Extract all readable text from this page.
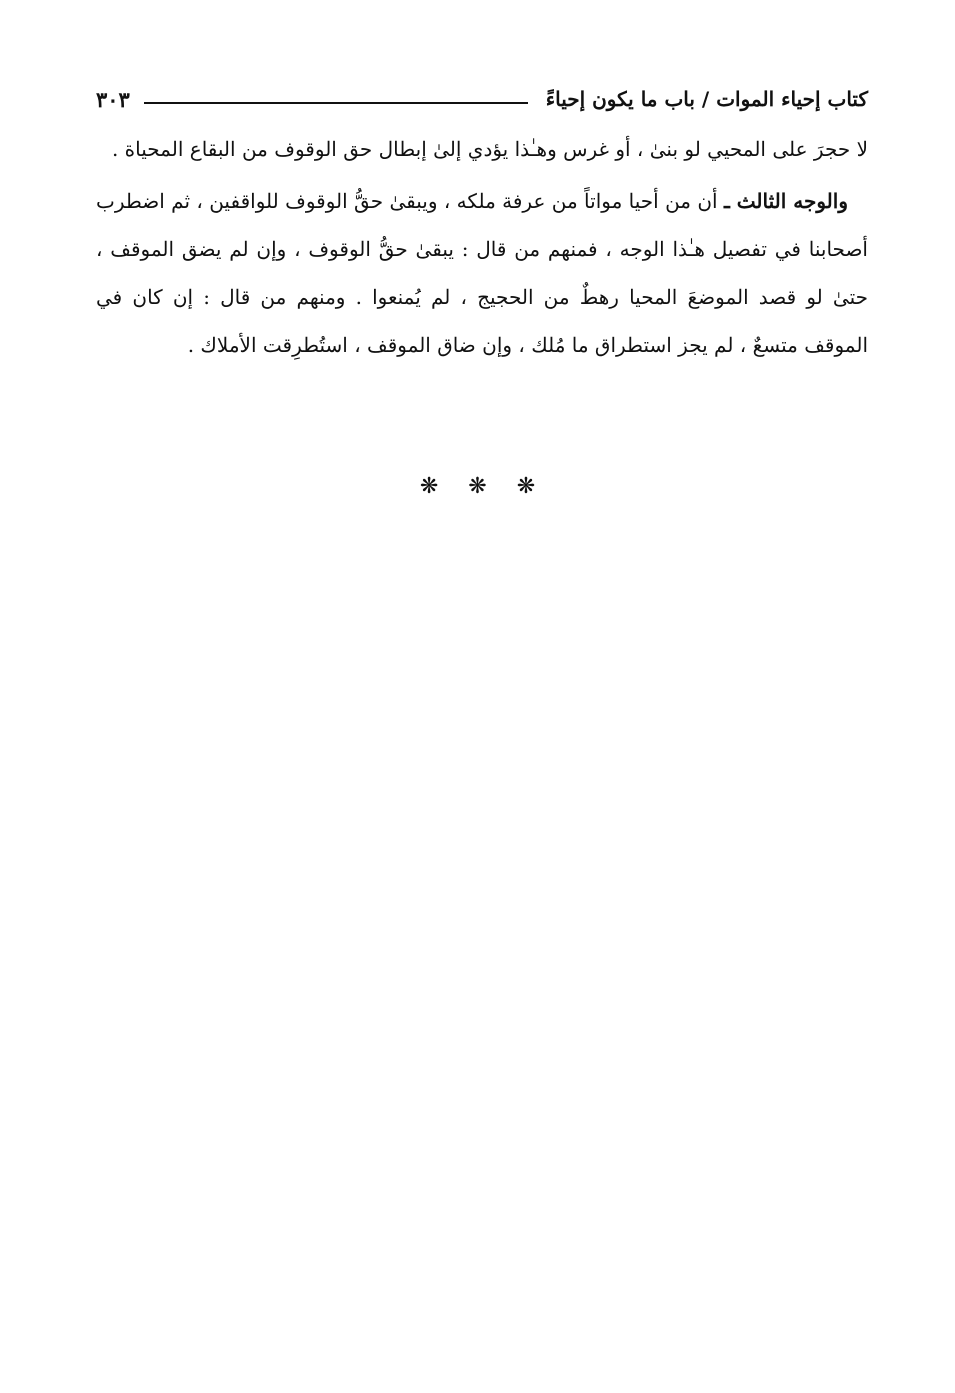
كتاب إحياء الموات / باب ما يكون إحياءً
٣٠٣

لا حجرَ على المحيي لو بنىٰ ، أو غرس وهـٰذا يؤدي إلىٰ إبطال حق الوقوف من البقاع المحياة .

والوجه الثالث ـ أن من أحيا مواتاً من عرفة ملكه ، ويبقىٰ حقُّ الوقوف للواقفين ، ثم اضطرب أصحابنا في تفصيل هـٰذا الوجه ، فمنهم من قال : يبقىٰ حقُّ الوقوف ، وإن لم يضق الموقف ، حتىٰ لو قصد الموضعَ المحيا رهطٌ من الحجيج ، لم يُمنعوا . ومنهم من قال : إن كان في الموقف متسعٌ ، لم يجز استطراق ما مُلك ، وإن ضاق الموقف ، استُطرِقت الأملاك .

❋ ❋ ❋
